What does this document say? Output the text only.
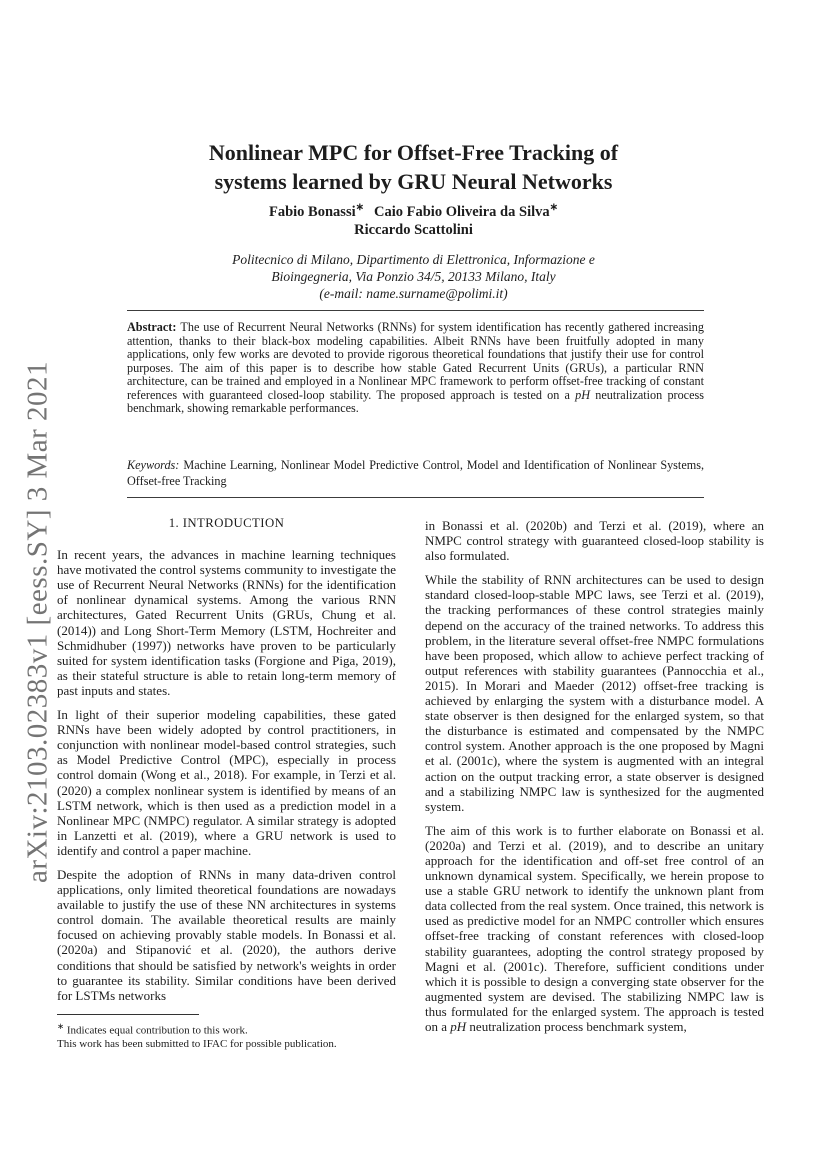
arXiv:2103.02383v1 [eess.SY] 3 Mar 2021
Nonlinear MPC for Offset-Free Tracking of
systems learned by GRU Neural Networks
Fabio Bonassi∗ Caio Fabio Oliveira da Silva∗
Riccardo Scattolini
Politecnico di Milano, Dipartimento di Elettronica, Informazione e
Bioingegneria, Via Ponzio 34/5, 20133 Milano, Italy
(e-mail: name.surname@polimi.it)

Abstract: The use of Recurrent Neural Networks (RNNs) for system identification has recently gathered increasing attention, thanks to their black-box modeling capabilities. Albeit RNNs have been fruitfully adopted in many applications, only few works are devoted to provide rigorous theoretical foundations that justify their use for control purposes. The aim of this paper is to describe how stable Gated Recurrent Units (GRUs), a particular RNN architecture, can be trained and employed in a Nonlinear MPC framework to perform offset-free tracking of constant references with guaranteed closed-loop stability. The proposed approach is tested on a pH neutralization process benchmark, showing remarkable performances.

Keywords: Machine Learning, Nonlinear Model Predictive Control, Model and Identification of Nonlinear Systems, Offset-free Tracking

1. INTRODUCTION

In recent years, the advances in machine learning techniques have motivated the control systems community to investigate the use of Recurrent Neural Networks (RNNs) for the identification of nonlinear dynamical systems. Among the various RNN architectures, Gated Recurrent Units (GRUs, Chung et al. (2014)) and Long Short-Term Memory (LSTM, Hochreiter and Schmidhuber (1997)) networks have proven to be particularly suited for system identification tasks (Forgione and Piga, 2019), as their stateful structure is able to retain long-term memory of past inputs and states.

In light of their superior modeling capabilities, these gated RNNs have been widely adopted by control practitioners, in conjunction with nonlinear model-based control strategies, such as Model Predictive Control (MPC), especially in process control domain (Wong et al., 2018). For example, in Terzi et al. (2020) a complex nonlinear system is identified by means of an LSTM network, which is then used as a prediction model in a Nonlinear MPC (NMPC) regulator. A similar strategy is adopted in Lanzetti et al. (2019), where a GRU network is used to identify and control a paper machine.

Despite the adoption of RNNs in many data-driven control applications, only limited theoretical foundations are nowadays available to justify the use of these NN architectures in systems control domain. The available theoretical results are mainly focused on achieving provably stable models. In Bonassi et al. (2020a) and Stipanović et al. (2020), the authors derive conditions that should be satisfied by network's weights in order to guarantee its stability. Similar conditions have been derived for LSTMs networks

∗ Indicates equal contribution to this work.

This work has been submitted to IFAC for possible publication.

in Bonassi et al. (2020b) and Terzi et al. (2019), where an NMPC control strategy with guaranteed closed-loop stability is also formulated.

While the stability of RNN architectures can be used to design standard closed-loop-stable MPC laws, see Terzi et al. (2019), the tracking performances of these control strategies mainly depend on the accuracy of the trained networks. To address this problem, in the literature several offset-free NMPC formulations have been proposed, which allow to achieve perfect tracking of output references with stability guarantees (Pannocchia et al., 2015). In Morari and Maeder (2012) offset-free tracking is achieved by enlarging the system with a disturbance model. A state observer is then designed for the enlarged system, so that the disturbance is estimated and compensated by the NMPC control system. Another approach is the one proposed by Magni et al. (2001c), where the system is augmented with an integral action on the output tracking error, a state observer is designed and a stabilizing NMPC law is synthesized for the augmented system.

The aim of this work is to further elaborate on Bonassi et al. (2020a) and Terzi et al. (2019), and to describe an unitary approach for the identification and off-set free control of an unknown dynamical system. Specifically, we herein propose to use a stable GRU network to identify the unknown plant from data collected from the real system. Once trained, this network is used as predictive model for an NMPC controller which ensures offset-free tracking of constant references with closed-loop stability guarantees, adopting the control strategy proposed by Magni et al. (2001c). Therefore, sufficient conditions under which it is possible to design a converging state observer for the augmented system are devised. The stabilizing NMPC law is thus formulated for the enlarged system. The approach is tested on a pH neutralization process benchmark system,
